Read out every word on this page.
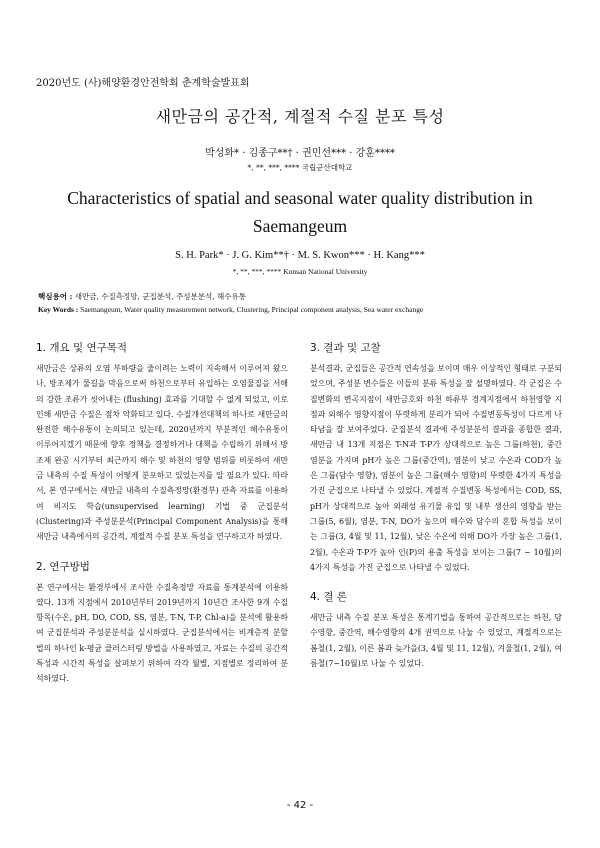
2020년도 (사)해양환경안전학회 춘계학술발표회
새만금의 공간적, 계절적 수질 분포 특성
박성화* · 김종구**† · 권민선*** · 강훈****
*, **, ***, **** 국립군산대학교
Characteristics of spatial and seasonal water quality distribution in Saemangeum
S. H. Park* · J. G. Kim**† · M. S. Kwon*** · H. Kang***
*, **, ***, **** Kunsan National University
핵심용어 : 새만금, 수질측정망, 군집분석, 주성분분석, 해수유통
Key Words : Saemangeum, Water quality measurement network, Clustering, Principal component analysis, Sea water exchange
1. 개요 및 연구목적

새만금은 상류의 오염 부하량을 줄이려는 노력이 지속해서 이루어져 왔으나, 방조제가 물길을 막음으로써 하천으로부터 유입하는 오염물질을 서해의 강한 조류가 씻어내는 (flushing) 효과를 기대할 수 없게 되었고, 이로 인해 새만금 수질은 점차 악화되고 있다. 수질개선대책의 하나로 새만금의 완전한 해수유통이 논의되고 있는데, 2020년까지 부분적인 해수유통이 이루어지겠기 때문에 향후 정책을 결정하거나 대책을 수립하기 위해서 방조제 완공 시기부터 최근까지 해수 및 하천의 영향 범위를 비롯하여 새만금 내측의 수질 특성이 어떻게 분포하고 있었는지를 알 필요가 있다. 따라서, 본 연구에서는 새만금 내측의 수질측정망(환경부) 관측 자료를 이용하여 비지도 학습(unsupervised learning) 기법 중 군집분석(Clustering)과 주성분분석(Principal Component Analysis)을 통해 새만금 내측에서의 공간적, 계절적 수질 분포 특성을 연구하고자 하였다.

2. 연구방법

본 연구에서는 환경부에서 조사한 수질측정망 자료를 통계분석에 이용하였다. 13개 지점에서 2010년부터 2019년까지 10년간 조사한 9개 수질항목(수온, pH, DO, COD, SS, 염분, T-N, T-P, Chl-a)을 분석에 활용하여 군집분석과 주성분분석을 실시하였다. 군집분석에서는 비계층적 분할법의 하나인 k-평균 클러스터링 방법을 사용하였고, 자료는 수질의 공간적 특성과 시간적 특성을 살펴보기 위하여 각각 월별, 지점별로 정리하여 분석하였다.

3. 결과 및 고찰

분석결과, 군집들은 공간적 연속성을 보이며 매우 이상적인 형태로 구분되었으며, 주성분 변수들은 이들의 분류 특성을 잘 설명하였다. 각 군집은 수질변화의 변곡지점이 새만금호와 하천 하류부 경계지점에서 하천영향 지점과 외해수 영향지점이 뚜렷하게 분리가 되어 수질변동특성이 다르게 나타남을 잘 보여주었다. 군집분석 결과에 주성분분석 결과를 종합한 결과, 새만금 내 13개 지점은 T-N과 T-P가 상대적으로 높은 그룹(하천), 중간 염분을 가지며 pH가 높은 그룹(중간역), 염분이 낮고 수온과 COD가 높은 그룹(담수 영향), 염분이 높은 그룹(해수 영향)의 뚜렷한 4가지 특성을 가진 군집으로 나타낼 수 있었다. 계절적 수질변동 특성에서는 COD, SS, pH가 상대적으로 높아 외래성 유기물 유입 및 내부 생산의 영향을 받는 그룹(5, 6월), 염분, T-N, DO가 높으며 해수와 담수의 혼합 특성을 보이는 그룹(3, 4월 및 11, 12월), 낮은 수온에 의해 DO가 가장 높은 그룹(1, 2월), 수온과 T-P가 높아 인(P)의 용출 특성을 보이는 그룹(7 ~ 10월)의 4가지 특성을 가진 군집으로 나타낼 수 있었다.

4. 결 론

새만금 내측 수질 분포 특성은 통계기법을 통하여 공간적으로는 하천, 담수영향, 중간역, 해수영향의 4개 권역으로 나눌 수 있었고, 계절적으로는 봄철(1, 2월), 이른 봄과 늦가을(3, 4월 및 11, 12월), 겨울철(1, 2월), 여름철(7~10월)로 나눌 수 있었다.

- 42 -
